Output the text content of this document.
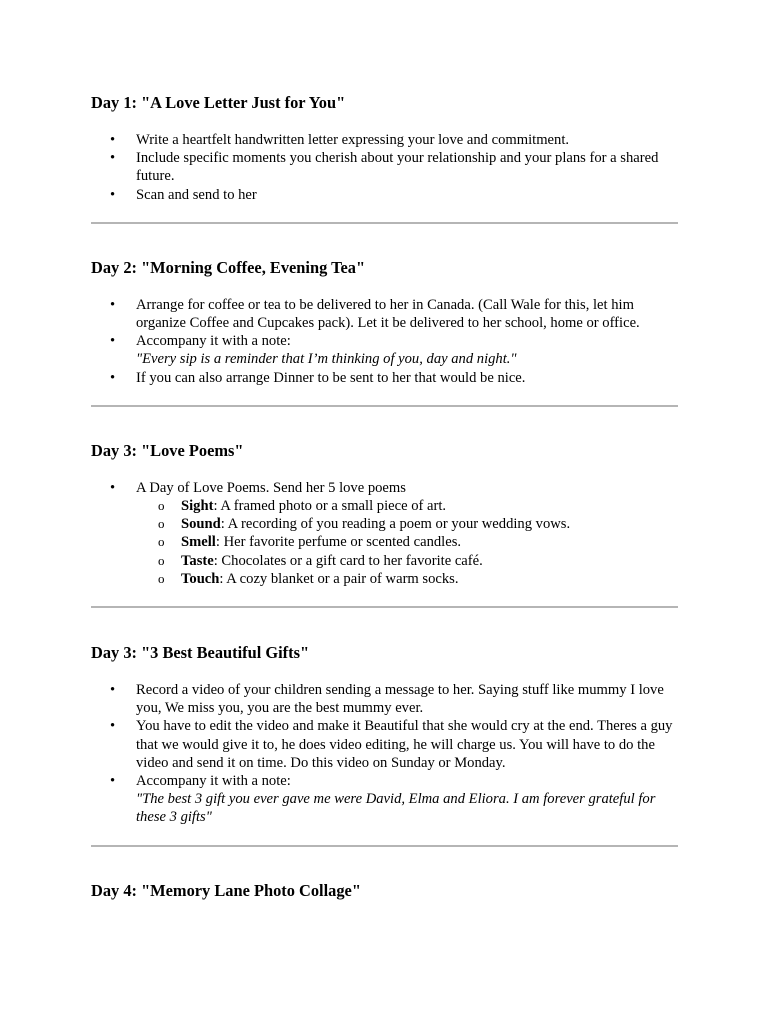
Day 1: "A Love Letter Just for You"
• Write a heartfelt handwritten letter expressing your love and commitment.
• Include specific moments you cherish about your relationship and your plans for a shared future.
• Scan and send to her
Day 2: "Morning Coffee, Evening Tea"
• Arrange for coffee or tea to be delivered to her in Canada. (Call Wale for this, let him organize Coffee and Cupcakes pack). Let it be delivered to her school, home or office.
• Accompany it with a note:
"Every sip is a reminder that I’m thinking of you, day and night."
• If you can also arrange Dinner to be sent to her that would be nice.
Day 3: "Love Poems"
• A Day of Love Poems. Send her 5 love poems
o Sight: A framed photo or a small piece of art.
o Sound: A recording of you reading a poem or your wedding vows.
o Smell: Her favorite perfume or scented candles.
o Taste: Chocolates or a gift card to her favorite café.
o Touch: A cozy blanket or a pair of warm socks.
Day 3: "3 Best Beautiful Gifts"
• Record a video of your children sending a message to her. Saying stuff like mummy I love you, We miss you, you are the best mummy ever.
• You have to edit the video and make it Beautiful that she would cry at the end. Theres a guy that we would give it to, he does video editing, he will charge us. You will have to do the video and send it on time. Do this video on Sunday or Monday.
• Accompany it with a note:
"The best 3 gift you ever gave me were David, Elma and Eliora. I am forever grateful for these 3 gifts"
Day 4: "Memory Lane Photo Collage"
